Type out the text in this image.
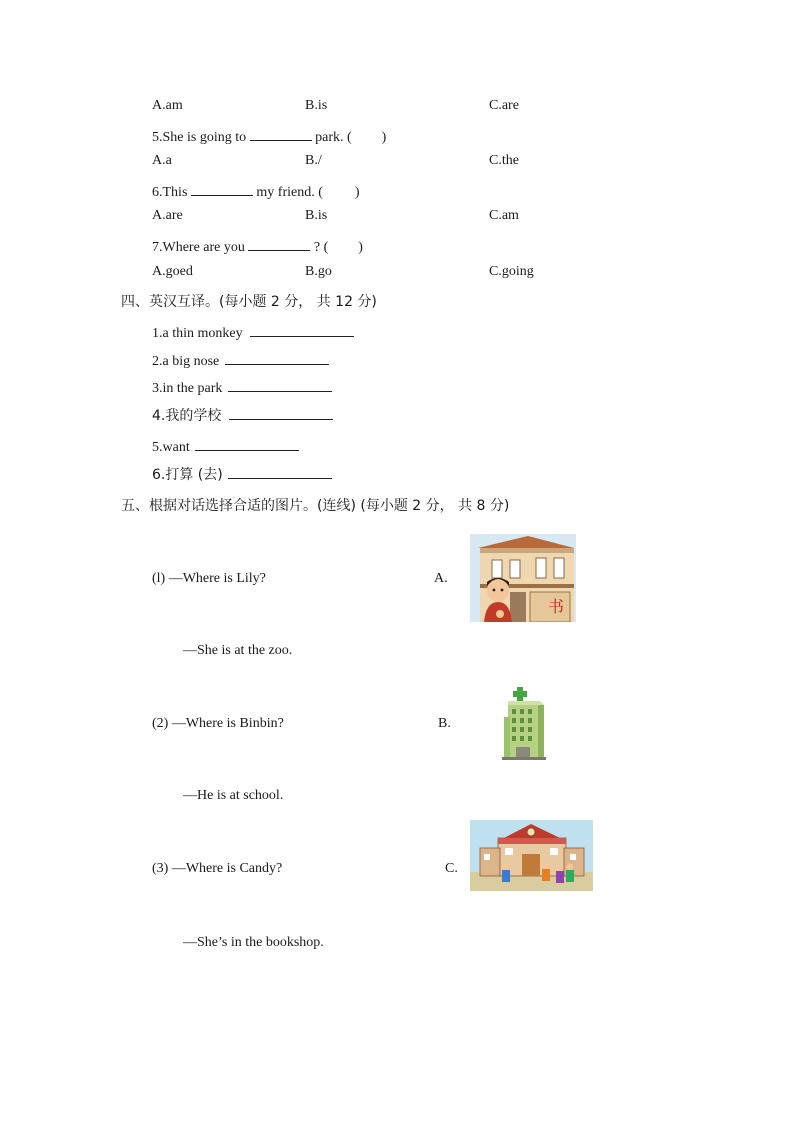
A.am	B.is	C.are
5.She is going to	park. ( )
A.a	B./	C.the
6.This	my friend. ( )
A.are	B.is	C.am
7.Where are you	? ( )
A.goed	B.go	C.going
四、英汉互译。(每小题 2 分， 共 12 分)
1.a thin monkey
2.a big nose
3.in the park
4.我的学校
5.want
6.打算 (去)
五、根据对话选择合适的图片。(连线) (每小题 2 分， 共 8 分)
(l) —Where is Lily?	A.
—She is at the zoo.
(2) —Where is Binbin?	B.
—He is at school.
(3) —Where is Candy?	C.
—She’s in the bookshop.
书
